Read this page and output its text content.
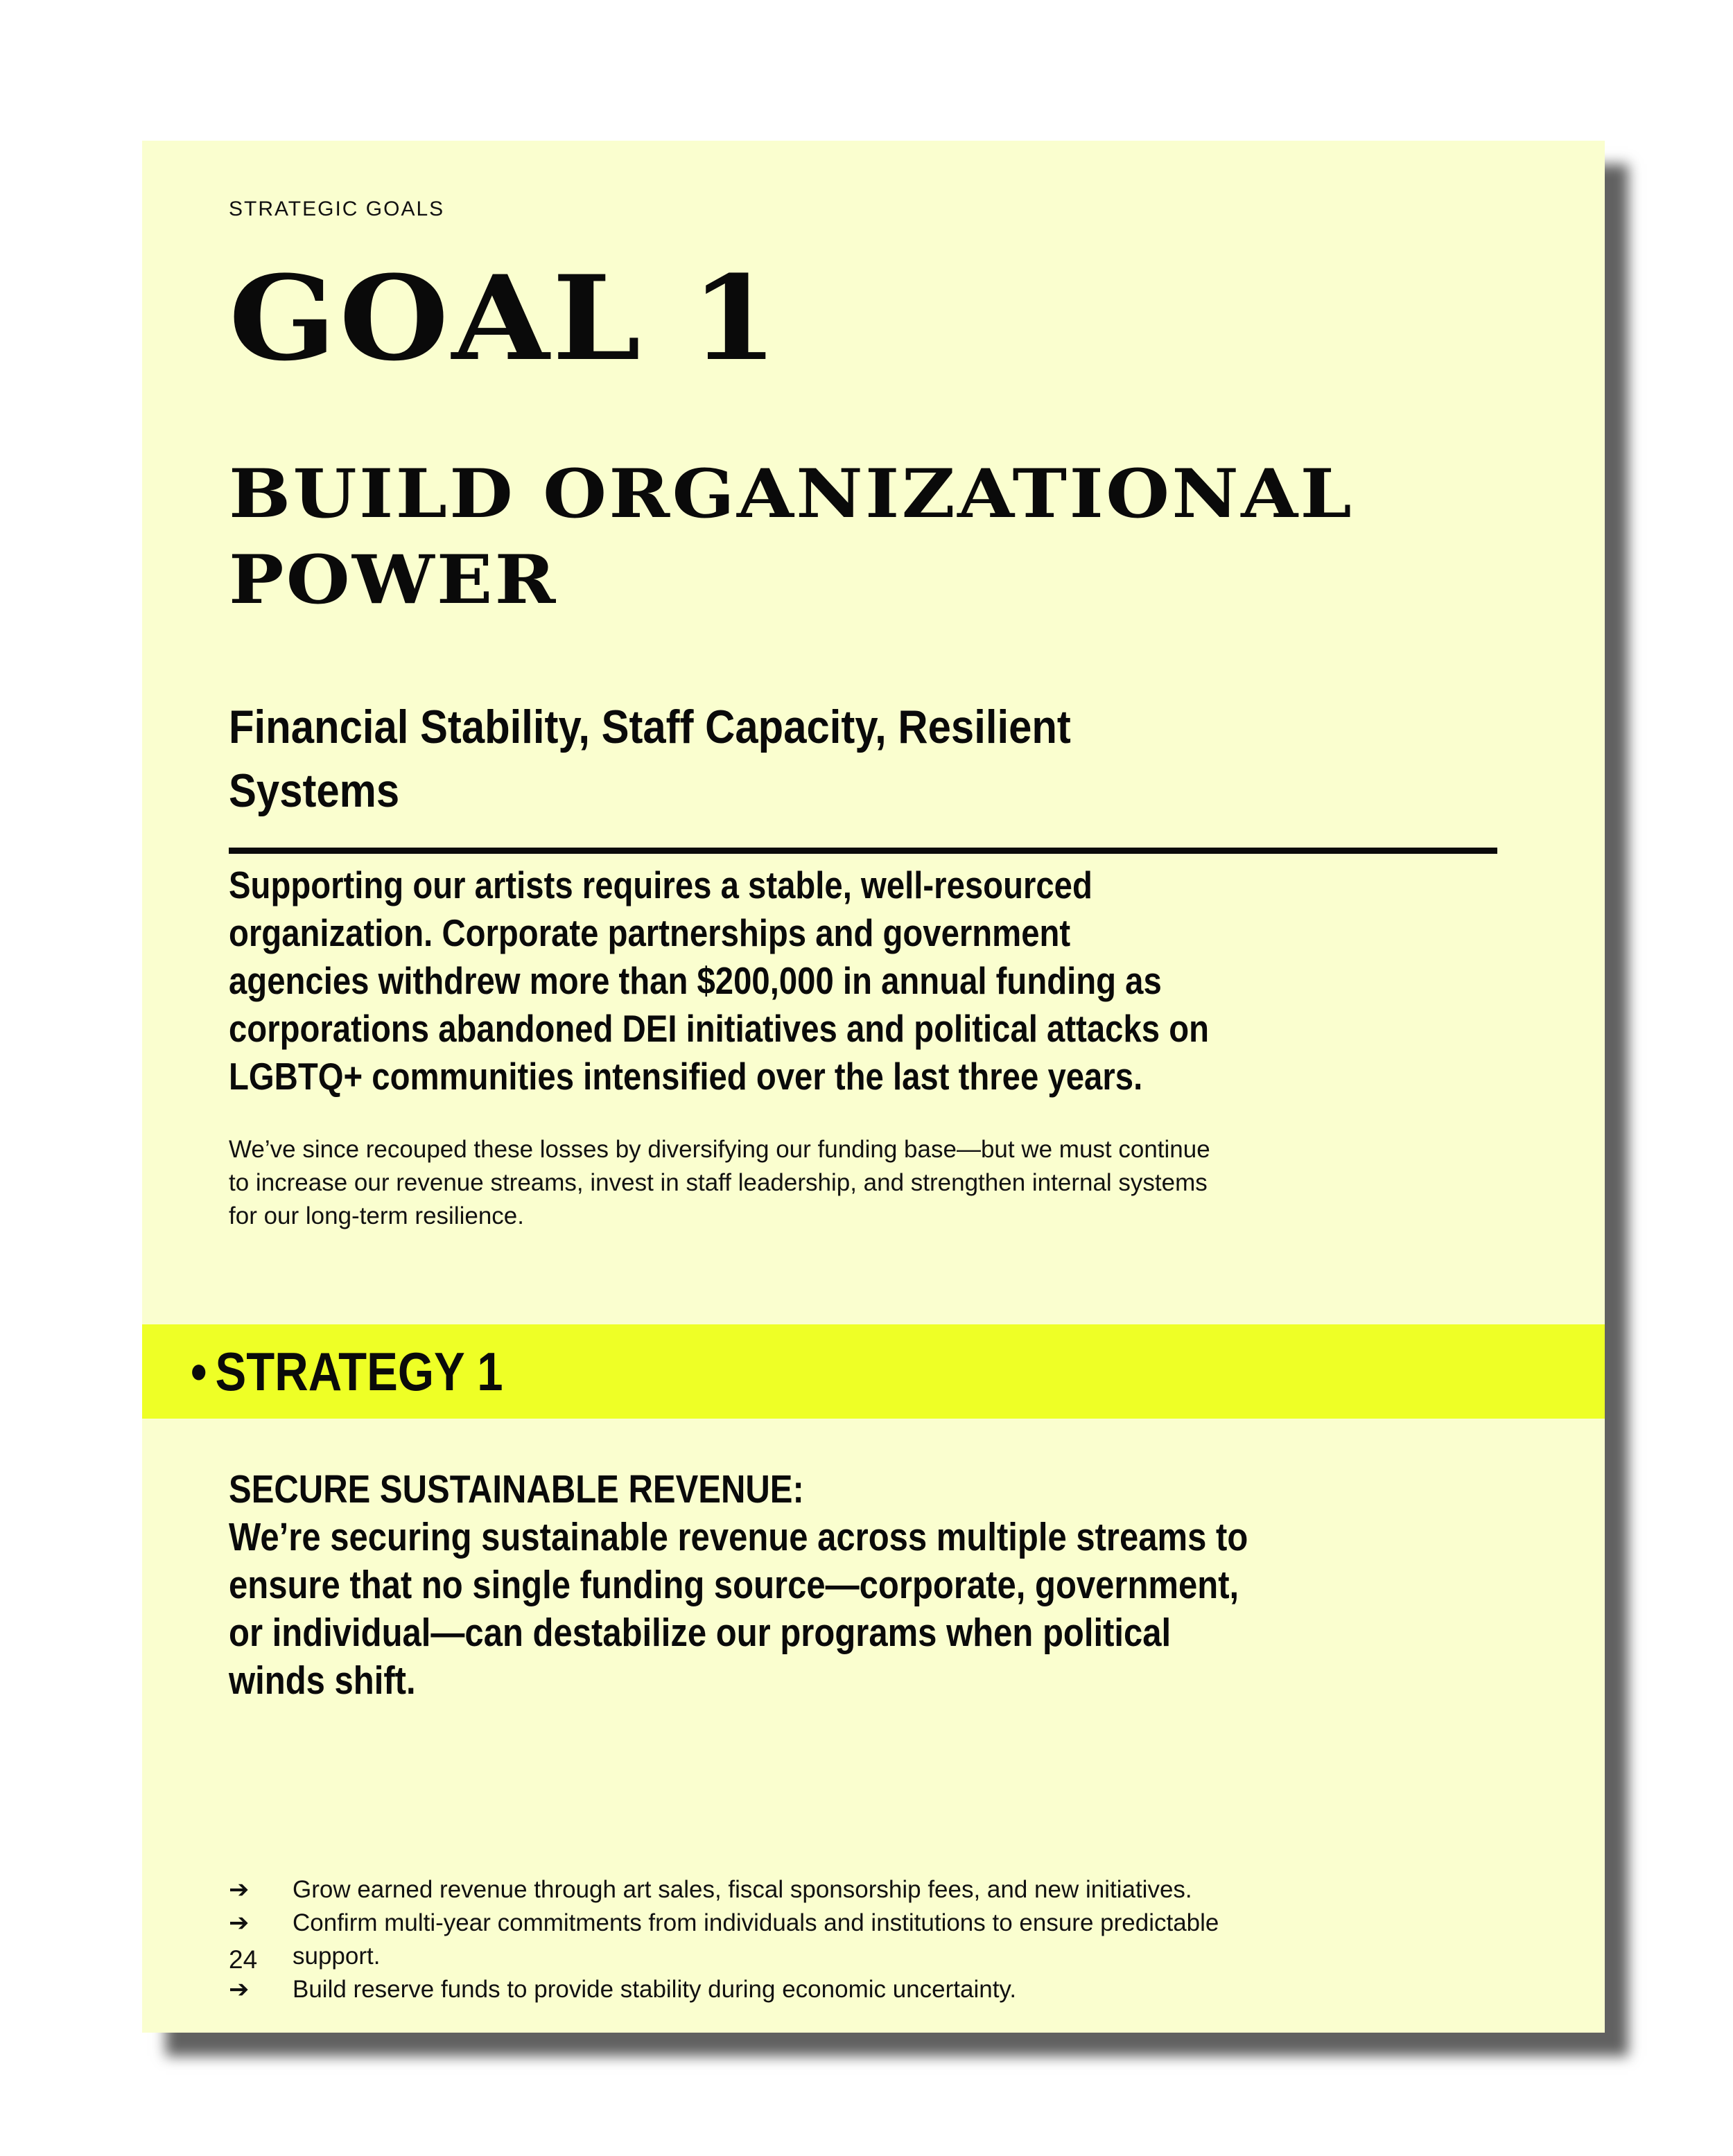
STRATEGIC GOALS
GOAL 1
BUILD ORGANIZATIONAL POWER
Financial Stability, Staff Capacity, Resilient Systems
Supporting our artists requires a stable, well-resourced organization. Corporate partnerships and government agencies withdrew more than $200,000 in annual funding as corporations abandoned DEI initiatives and political attacks on LGBTQ+ communities intensified over the last three years.
We’ve since recouped these losses by diversifying our funding base—but we must continue to increase our revenue streams, invest in staff leadership, and strengthen internal systems for our long-term resilience.
• STRATEGY 1
SECURE SUSTAINABLE REVENUE:
We’re securing sustainable revenue across multiple streams to ensure that no single funding source—corporate, government, or individual—can destabilize our programs when political winds shift.
➔ Grow earned revenue through art sales, fiscal sponsorship fees, and new initiatives.
➔ Confirm multi-year commitments from individuals and institutions to ensure predictable support.
➔ Build reserve funds to provide stability during economic uncertainty.
24
